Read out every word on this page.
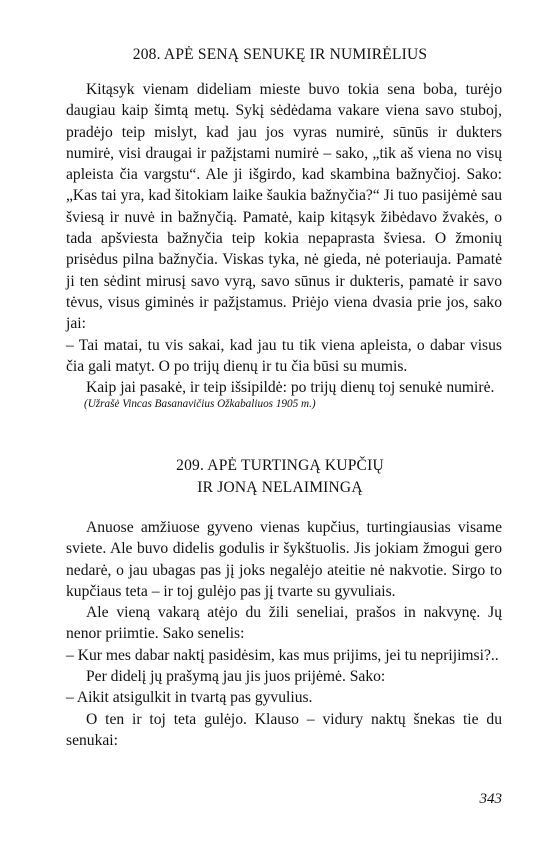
208. APĖ SENĄ SENUKĘ IR NUMIRĖLIUS

Kitąsyk vienam dideliam mieste buvo tokia sena boba, turėjo daugiau kaip šimtą metų. Sykį sėdėdama vakare viena savo stuboj, pradėjo teip mislyt, kad jau jos vyras numirė, sūnūs ir dukters numirė, visi draugai ir pažįstami numirė – sako, „tik aš viena no visų apleista čia vargstu“. Ale ji išgirdo, kad skambina bažnyčioj. Sako: „Kas tai yra, kad šitokiam laike šaukia bažnyčia?“ Ji tuo pasijėmė sau šviesą ir nuvė in bažnyčią. Pamatė, kaip kitąsyk žibėdavo žvakės, o tada apšviesta bažnyčia teip kokia nepaprasta šviesa. O žmonių prisėdus pilna bažnyčia. Viskas tyka, nė gieda, nė poteriauja. Pamatė ji ten sėdint mirusį savo vyrą, savo sūnus ir dukteris, pamatė ir savo tėvus, visus giminės ir pažįstamus. Priėjo viena dvasia prie jos, sako jai:

– Tai matai, tu vis sakai, kad jau tu tik viena apleista, o dabar visus čia gali matyt. O po trijų dienų ir tu čia būsi su mumis.

Kaip jai pasakė, ir teip išsipildė: po trijų dienų toj senukė numirė.

(Užrašė Vincas Basanavičius Ožkabaliuos 1905 m.)
209. APĖ TURTINGĄ KUPČIŲ
IR JONĄ NELAIMINGĄ

Anuose amžiuose gyveno vienas kupčius, turtingiausias visame sviete. Ale buvo didelis godulis ir šykštuolis. Jis jokiam žmogui gero nedarė, o jau ubagas pas jį joks negalėjo ateitie nė nakvotie. Sirgo to kupčiaus teta – ir toj gulėjo pas jį tvarte su gyvuliais.

Ale vieną vakarą atėjo du žili seneliai, prašos in nakvynę. Jų nenor priimtie. Sako senelis:

– Kur mes dabar naktį pasidėsim, kas mus prijims, jei tu neprijimsi?..

Per didelį jų prašymą jau jis juos prijėmė. Sako:

– Aikit atsigulkit in tvartą pas gyvulius.

O ten ir toj teta gulėjo. Klauso – vidury naktų šnekas tie du senukai:

343
